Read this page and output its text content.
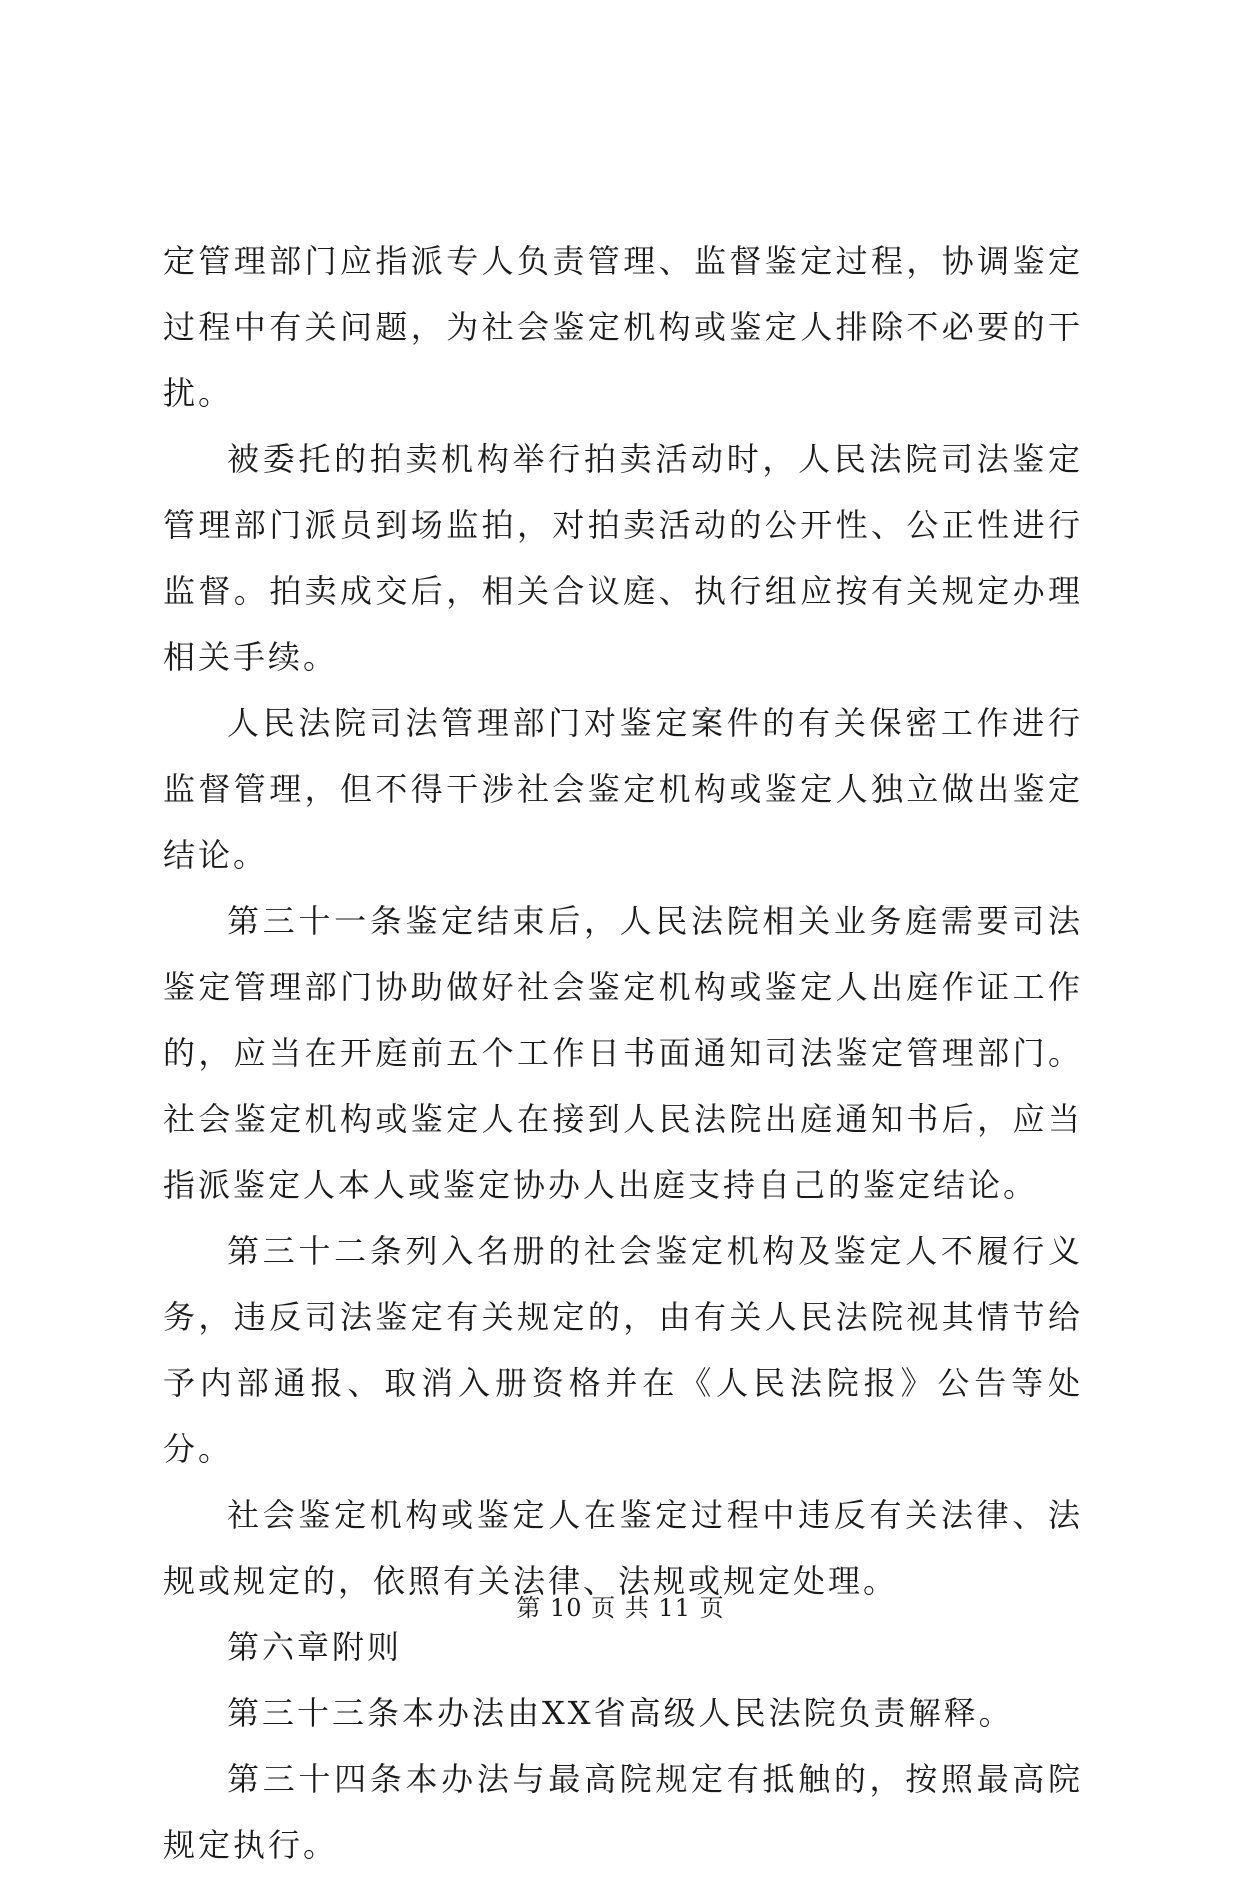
定管理部门应指派专人负责管理、监督鉴定过程，协调鉴定过程中有关问题，为社会鉴定机构或鉴定人排除不必要的干扰。

被委托的拍卖机构举行拍卖活动时，人民法院司法鉴定管理部门派员到场监拍，对拍卖活动的公开性、公正性进行监督。拍卖成交后，相关合议庭、执行组应按有关规定办理相关手续。

人民法院司法管理部门对鉴定案件的有关保密工作进行监督管理，但不得干涉社会鉴定机构或鉴定人独立做出鉴定结论。

第三十一条鉴定结束后，人民法院相关业务庭需要司法鉴定管理部门协助做好社会鉴定机构或鉴定人出庭作证工作的，应当在开庭前五个工作日书面通知司法鉴定管理部门。社会鉴定机构或鉴定人在接到人民法院出庭通知书后，应当指派鉴定人本人或鉴定协办人出庭支持自己的鉴定结论。

第三十二条列入名册的社会鉴定机构及鉴定人不履行义务，违反司法鉴定有关规定的，由有关人民法院视其情节给予内部通报、取消入册资格并在《人民法院报》公告等处分。

社会鉴定机构或鉴定人在鉴定过程中违反有关法律、法规或规定的，依照有关法律、法规或规定处理。

第六章附则

第三十三条本办法由XX省高级人民法院负责解释。

第三十四条本办法与最高院规定有抵触的，按照最高院规定执行。

第 10 页 共 11 页
